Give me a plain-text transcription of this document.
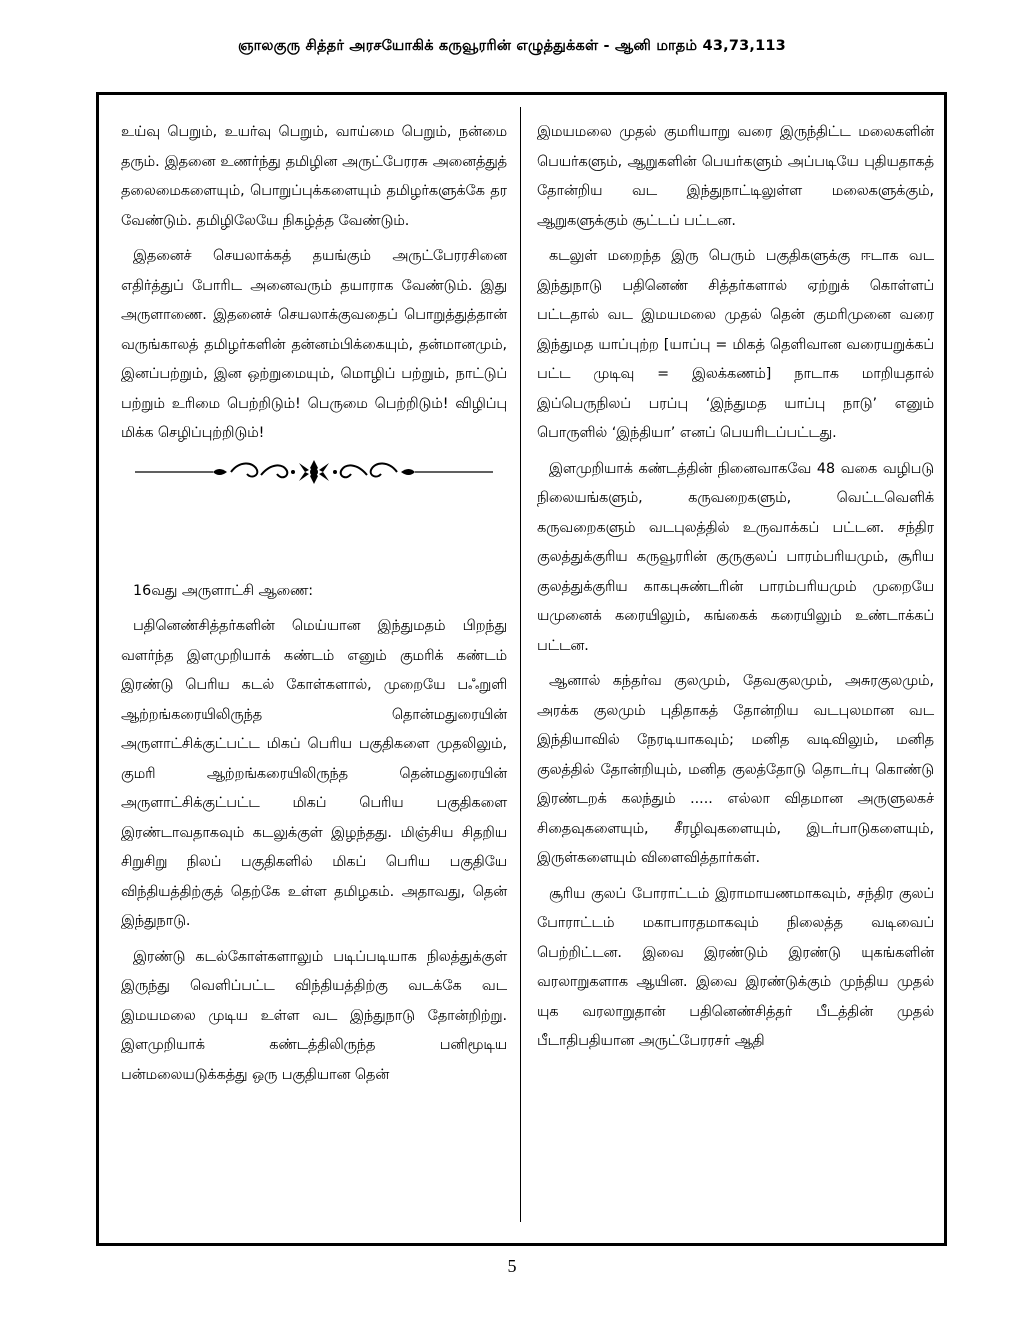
ஞாலகுரு சித்தர் அரசயோகிக் கருவூரரின் எழுத்துக்கள் - ஆனி மாதம் 43,73,113

உய்வு பெறும், உயர்வு பெறும், வாய்மை பெறும், நன்மை தரும். இதனை உணர்ந்து தமிழின அருட்பேரரசு அனைத்துத் தலைமைகளையும், பொறுப்புக்களையும் தமிழர்களுக்கே தர வேண்டும். தமிழிலேயே நிகழ்த்த வேண்டும்.

இதனைச் செயலாக்கத் தயங்கும் அருட்பேரரசினை எதிர்த்துப் போரிட அனைவரும் தயாராக வேண்டும். இது அருளாணை. இதனைச் செயலாக்குவதைப் பொறுத்துத்தான் வருங்காலத் தமிழர்களின் தன்னம்பிக்கையும், தன்மானமும், இனப்பற்றும், இன ஒற்றுமையும், மொழிப் பற்றும், நாட்டுப் பற்றும் உரிமை பெற்றிடும்! பெருமை பெற்றிடும்! விழிப்பு மிக்க செழிப்புற்றிடும்!

16வது அருளாட்சி ஆணை:

பதினெண்சித்தர்களின் மெய்யான இந்துமதம் பிறந்து வளர்ந்த இளமுறியாக் கண்டம் எனும் குமரிக் கண்டம் இரண்டு பெரிய கடல் கோள்களால், முறையே பஃறுளி ஆற்றங்கரையிலிருந்த தொன்மதுரையின் அருளாட்சிக்குட்பட்ட மிகப் பெரிய பகுதிகளை முதலிலும், குமரி ஆற்றங்கரையிலிருந்த தென்மதுரையின் அருளாட்சிக்குட்பட்ட மிகப் பெரிய பகுதிகளை இரண்டாவதாகவும் கடலுக்குள் இழந்தது. மிஞ்சிய சிதறிய சிறுசிறு நிலப் பகுதிகளில் மிகப் பெரிய பகுதியே விந்தியத்திற்குத் தெற்கே உள்ள தமிழகம். அதாவது, தென் இந்துநாடு.

இரண்டு கடல்கோள்களாலும் படிப்படியாக நிலத்துக்குள் இருந்து வெளிப்பட்ட விந்தியத்திற்கு வடக்கே வட இமயமலை முடிய உள்ள வட இந்துநாடு தோன்றிற்று. இளமுறியாக் கண்டத்திலிருந்த பனிமூடிய பன்மலையடுக்கத்து ஒரு பகுதியான தென்

இமயமலை முதல் குமரியாறு வரை இருந்திட்ட மலைகளின் பெயர்களும், ஆறுகளின் பெயர்களும் அப்படியே புதியதாகத் தோன்றிய வட இந்துநாட்டிலுள்ள மலைகளுக்கும், ஆறுகளுக்கும் சூட்டப் பட்டன.

கடலுள் மறைந்த இரு பெரும் பகுதிகளுக்கு ஈடாக வட இந்துநாடு பதினெண் சித்தர்களால் ஏற்றுக் கொள்ளப் பட்டதால் வட இமயமலை முதல் தென் குமரிமுனை வரை இந்துமத யாப்புற்ற [யாப்பு = மிகத் தெளிவான வரையறுக்கப் பட்ட முடிவு = இலக்கணம்] நாடாக மாறியதால் இப்பெருநிலப் பரப்பு ‘இந்துமத யாப்பு நாடு’ எனும் பொருளில் ‘இந்தியா’ எனப் பெயரிடப்பட்டது.

இளமுறியாக் கண்டத்தின் நினைவாகவே 48 வகை வழிபடு நிலையங்களும், கருவறைகளும், வெட்டவெளிக் கருவறைகளும் வடபுலத்தில் உருவாக்கப் பட்டன. சந்திர குலத்துக்குரிய கருவூரரின் குருகுலப் பாரம்பரியமும், சூரிய குலத்துக்குரிய காகபுசுண்டரின் பாரம்பரியமும் முறையே யமுனைக் கரையிலும், கங்கைக் கரையிலும் உண்டாக்கப் பட்டன.

ஆனால் கந்தர்வ குலமும், தேவகுலமும், அசுரகுலமும், அரக்க குலமும் புதிதாகத் தோன்றிய வடபுலமான வட இந்தியாவில் நேரடியாகவும்; மனித வடிவிலும், மனித குலத்தில் தோன்றியும், மனித குலத்தோடு தொடர்பு கொண்டு இரண்டறக் கலந்தும் ..... எல்லா விதமான அருளுலகச் சிதைவுகளையும், சீரழிவுகளையும், இடர்பாடுகளையும், இருள்களையும் விளைவித்தார்கள்.

சூரிய குலப் போராட்டம் இராமாயணமாகவும், சந்திர குலப் போராட்டம் மகாபாரதமாகவும் நிலைத்த வடிவைப் பெற்றிட்டன. இவை இரண்டும் இரண்டு யுகங்களின் வரலாறுகளாக ஆயின. இவை இரண்டுக்கும் முந்திய முதல் யுக வரலாறுதான் பதினெண்சித்தர் பீடத்தின் முதல் பீடாதிபதியான அருட்பேரரசர் ஆதி

5
